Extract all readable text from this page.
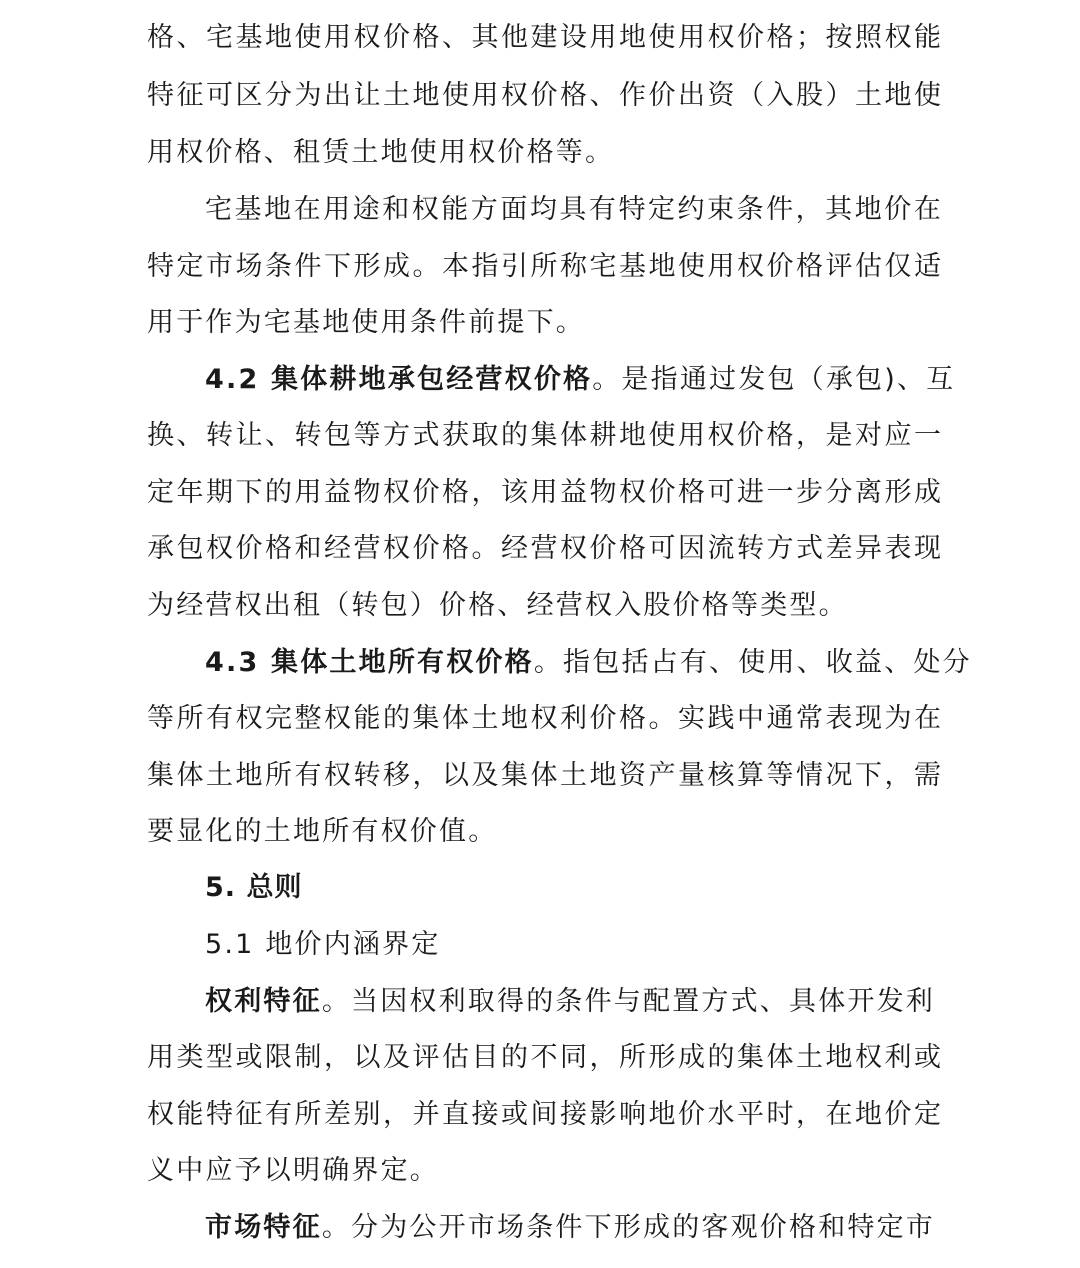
格 、 宅 基 地 使 用 权 价 格 、 其 他 建 设 用 地 使 用 权 价 格 ； 按 照 权 能
特 征 可 区 分 为 出 让 土 地 使 用 权 价 格 、 作 价 出 资 （ 入 股 ） 土 地 使
用权价格、租赁土地使用权价格等。
宅 基 地 在 用 途 和 权 能 方 面 均 具 有 特 定 约 束 条 件 ， 其 地 价 在
特 定 市 场 条 件 下 形 成 。 本 指 引 所 称 宅 基 地 使 用 权 价 格 评 估 仅 适
用于作为宅基地使用条件前提下。
4.2 集体耕地承包经营权价格。是指通过发包（承包)、互
换 、 转 让 、 转 包 等 方 式 获 取 的 集 体 耕 地 使 用 权 价 格 ， 是 对 应 一
定 年 期 下 的 用 益 物 权 价 格 ， 该 用 益 物 权 价 格 可 进 一 步 分 离 形 成
承 包 权 价 格 和 经 营 权 价 格 。 经 营 权 价 格 可 因 流 转 方 式 差 异 表 现
为经营权出租（转包）价格、经营权入股价格等类型。
4.3 集体土地所有权价格。指包括占有、使用、收益、处分
等 所 有 权 完 整 权 能 的 集 体 土 地 权 利 价 格 。 实 践 中 通 常 表 现 为 在
集 体 土 地 所 有 权 转 移 ， 以 及 集 体 土 地 资 产 量 核 算 等 情 况 下 ， 需
要显化的土地所有权价值。
5. 总则
5.1 地价内涵界定
权利特征。当因权利取得的条件与配置方式、具体开发利
用 类 型 或 限 制 ， 以 及 评 估 目 的 不 同 ， 所 形 成 的 集 体 土 地 权 利 或
权 能 特 征 有 所 差 别 ， 并 直 接 或 间 接 影 响 地 价 水 平 时 ， 在 地 价 定
义中应予以明确界定。
市场特征。分为公开市场条件下形成的客观价格和特定市
